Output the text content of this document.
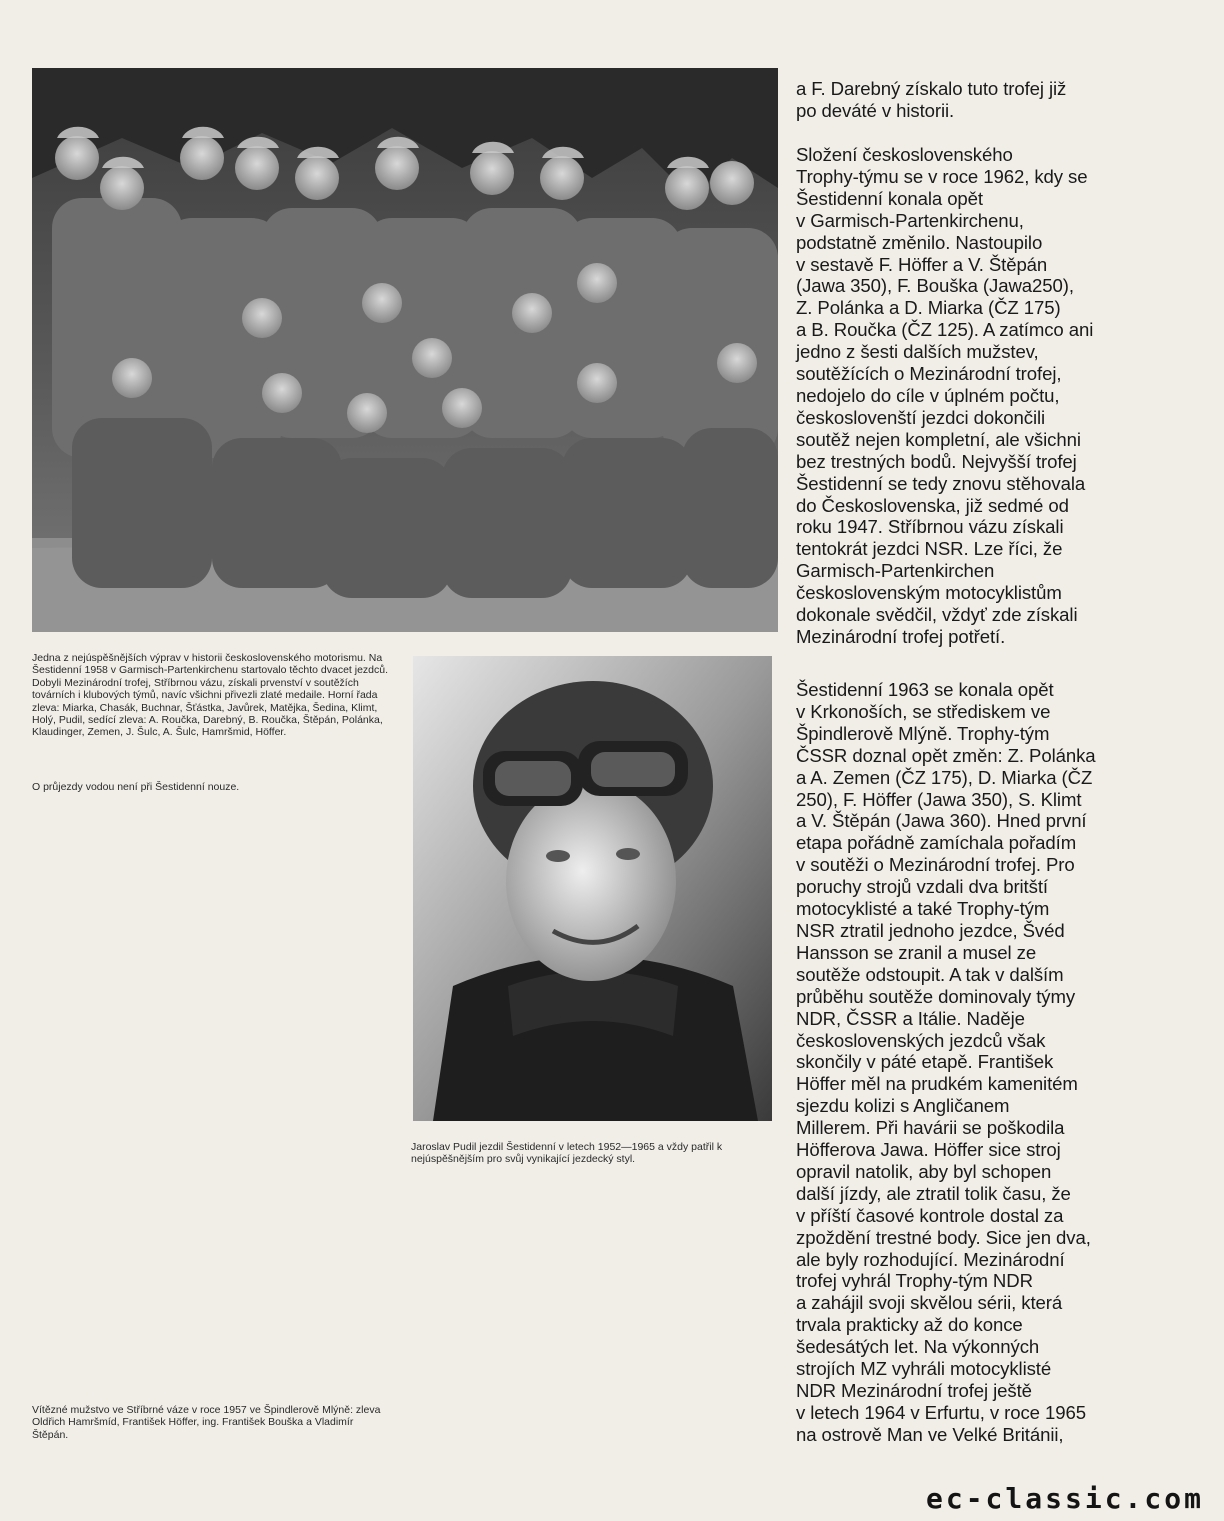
Jedna z nejúspěšnějších výprav v historii československého motorismu. Na Šestidenní 1958 v Garmisch-Partenkirchenu startovalo těchto dvacet jezdců. Dobyli Mezinárodní trofej, Stříbrnou vázu, získali prvenství v soutěžích továrních i klubových týmů, navíc všichni přivezli zlaté medaile. Horní řada zleva: Miarka, Chasák, Buchnar, Šťástka, Javůrek, Matějka, Šedina, Klimt, Holý, Pudil, sedící zleva: A. Roučka, Darebný, B. Roučka, Štěpán, Polánka, Klaudinger, Zemen, J. Šulc, A. Šulc, Hamršmid, Höffer.
O průjezdy vodou není při Šestidenní nouze.
Jaroslav Pudil jezdil Šestidenní v letech 1952—1965 a vždy patřil k nejúspěšnějším pro svůj vynikající jezdecký styl.
Vítězné mužstvo ve Stříbrné váze v roce 1957 ve Špindlerově Mlýně: zleva Oldřich Hamršmíd, František Höffer, ing. František Bouška a Vladimír Štěpán.

a F. Darebný získalo tuto trofej již
po deváté v historii.

Složení československého
Trophy-týmu se v roce 1962, kdy se
Šestidenní konala opět
v Garmisch-Partenkirchenu,
podstatně změnilo. Nastoupilo
v sestavě F. Höffer a V. Štěpán
(Jawa 350), F. Bouška (Jawa250),
Z. Polánka a D. Miarka (ČZ 175)
a B. Roučka (ČZ 125). A zatímco ani
jedno z šesti dalších mužstev,
soutěžících o Mezinárodní trofej,
nedojelo do cíle v úplném počtu,
českoslovenští jezdci dokončili
soutěž nejen kompletní, ale všichni
bez trestných bodů. Nejvyšší trofej
Šestidenní se tedy znovu stěhovala
do Československa, již sedmé od
roku 1947. Stříbrnou vázu získali
tentokrát jezdci NSR. Lze říci, že
Garmisch-Partenkirchen
československým motocyklistům
dokonale svědčil, vždyť zde získali
Mezinárodní trofej potřetí.

Šestidenní 1963 se konala opět
v Krkonoších, se střediskem ve
Špindlerově Mlýně. Trophy-tým
ČSSR doznal opět změn: Z. Polánka
a A. Zemen (ČZ 175), D. Miarka (ČZ
250), F. Höffer (Jawa 350), S. Klimt
a V. Štěpán (Jawa 360). Hned první
etapa pořádně zamíchala pořadím
v soutěži o Mezinárodní trofej. Pro
poruchy strojů vzdali dva britští
motocyklisté a také Trophy-tým
NSR ztratil jednoho jezdce, Švéd
Hansson se zranil a musel ze
soutěže odstoupit. A tak v dalším
průběhu soutěže dominovaly týmy
NDR, ČSSR a Itálie. Naděje
československých jezdců však
skončily v páté etapě. František
Höffer měl na prudkém kamenitém
sjezdu kolizi s Angličanem
Millerem. Při havárii se poškodila
Höfferova Jawa. Höffer sice stroj
opravil natolik, aby byl schopen
další jízdy, ale ztratil tolik času, že
v příští časové kontrole dostal za
zpoždění trestné body. Sice jen dva,
ale byly rozhodující. Mezinárodní
trofej vyhrál Trophy-tým NDR
a zahájil svoji skvělou sérii, která
trvala prakticky až do konce
šedesátých let. Na výkonných
strojích MZ vyhráli motocyklisté
NDR Mezinárodní trofej ještě
v letech 1964 v Erfurtu, v roce 1965
na ostrově Man ve Velké Británii,

ec-classic.com
